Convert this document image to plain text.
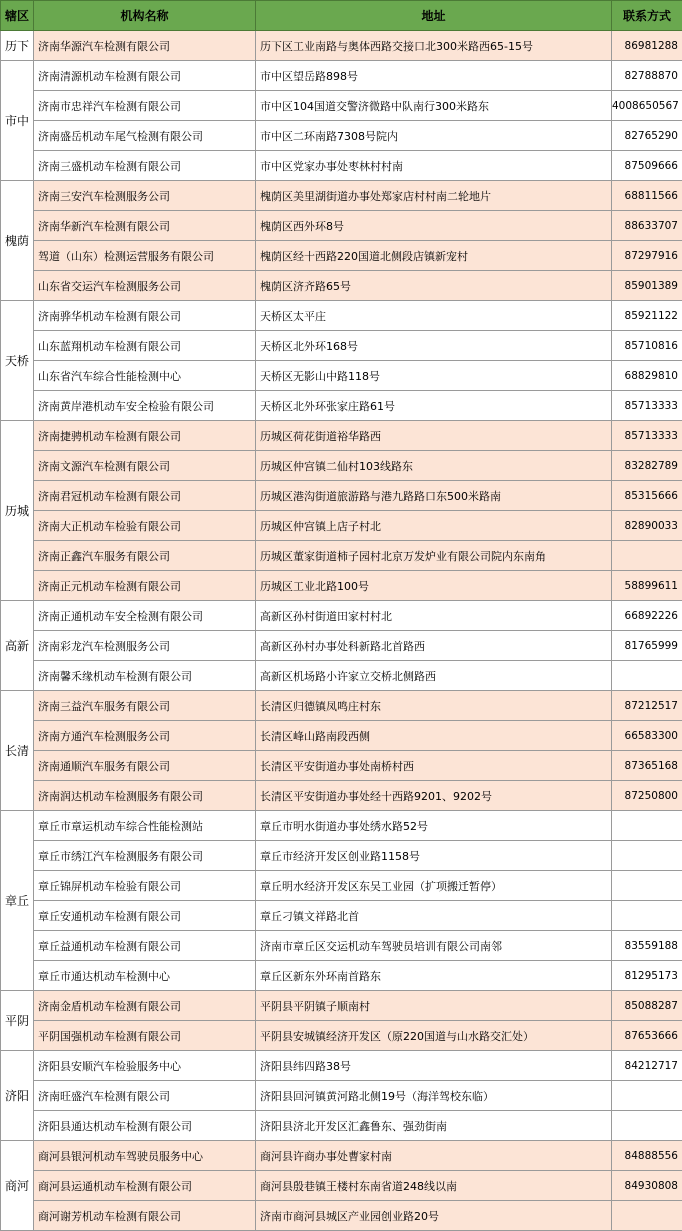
辖区	机构名称	地址	联系方式
历下	济南华源汽车检测有限公司	历下区工业南路与奥体西路交接口北300米路西65-15号	86981288
市中	济南清源机动车检测有限公司	市中区望岳路898号	82788870
	济南市忠祥汽车检测有限公司	市中区104国道交警济微路中队南行300米路东	4008650567
	济南盛岳机动车尾气检测有限公司	市中区二环南路7308号院内	82765290
	济南三盛机动车检测有限公司	市中区党家办事处枣林村村南	87509666
槐荫	济南三安汽车检测服务公司	槐荫区美里湖街道办事处郑家店村村南二轮地片	68811566
	济南华新汽车检测有限公司	槐荫区西外环8号	88633707
	驾道（山东）检测运营服务有限公司	槐荫区经十西路220国道北侧段店镇新宠村	87297916
	山东省交运汽车检测服务公司	槐荫区济齐路65号	85901389
天桥	济南骅华机动车检测有限公司	天桥区太平庄	85921122
	山东蓝翔机动车检测有限公司	天桥区北外环168号	85710816
	山东省汽车综合性能检测中心	天桥区无影山中路118号	68829810
	济南黄岸港机动车安全检验有限公司	天桥区北外环张家庄路61号	85713333
历城	济南捷骋机动车检测有限公司	历城区荷花街道裕华路西	85713333
	济南文源汽车检测有限公司	历城区仲宫镇二仙村103线路东	83282789
	济南君冠机动车检测有限公司	历城区港沟街道旅游路与港九路路口东500米路南	85315666
	济南大正机动车检验有限公司	历城区仲宫镇上店子村北	82890033
	济南正鑫汽车服务有限公司	历城区董家街道柿子园村北京万发炉业有限公司院内东南角	
	济南正元机动车检测有限公司	历城区工业北路100号	58899611
高新	济南正通机动车安全检测有限公司	高新区孙村街道田家村村北	66892226
	济南彩龙汽车检测服务公司	高新区孙村办事处科新路北首路西	81765999
	济南馨禾缘机动车检测有限公司	高新区机场路小许家立交桥北侧路西	
长清	济南三益汽车服务有限公司	长清区归德镇凤鸣庄村东	87212517
	济南方通汽车检测服务公司	长清区峰山路南段西侧	66583300
	济南通顺汽车服务有限公司	长清区平安街道办事处南桥村西	87365168
	济南润达机动车检测服务有限公司	长清区平安街道办事处经十西路9201、9202号	87250800
章丘	章丘市章运机动车综合性能检测站	章丘市明水街道办事处绣水路52号	
	章丘市绣江汽车检测服务有限公司	章丘市经济开发区创业路1158号	
	章丘锦屏机动车检验有限公司	章丘明水经济开发区东吴工业园（扩项搬迁暂停）	
	章丘安通机动车检测有限公司	章丘刁镇文祥路北首	
	章丘益通机动车检测有限公司	济南市章丘区交运机动车驾驶员培训有限公司南邻	83559188
	章丘市通达机动车检测中心	章丘区新东外环南首路东	81295173
平阴	济南金盾机动车检测有限公司	平阴县平阴镇子顺南村	85088287
	平阴国强机动车检测有限公司	平阴县安城镇经济开发区（原220国道与山水路交汇处）	87653666
济阳	济阳县安顺汽车检验服务中心	济阳县纬四路38号	84212717
	济南旺盛汽车检测有限公司	济阳县回河镇黄河路北侧19号（海洋驾校东临）	
	济阳县通达机动车检测有限公司	济阳县济北开发区汇鑫鲁东、强劲街南	
商河	商河县银河机动车驾驶员服务中心	商河县许商办事处曹家村南	84888556
	商河县运通机动车检测有限公司	商河县殷巷镇王楼村东南省道248线以南	84930808
	商河谢芳机动车检测有限公司	济南市商河县城区产业园创业路20号	
